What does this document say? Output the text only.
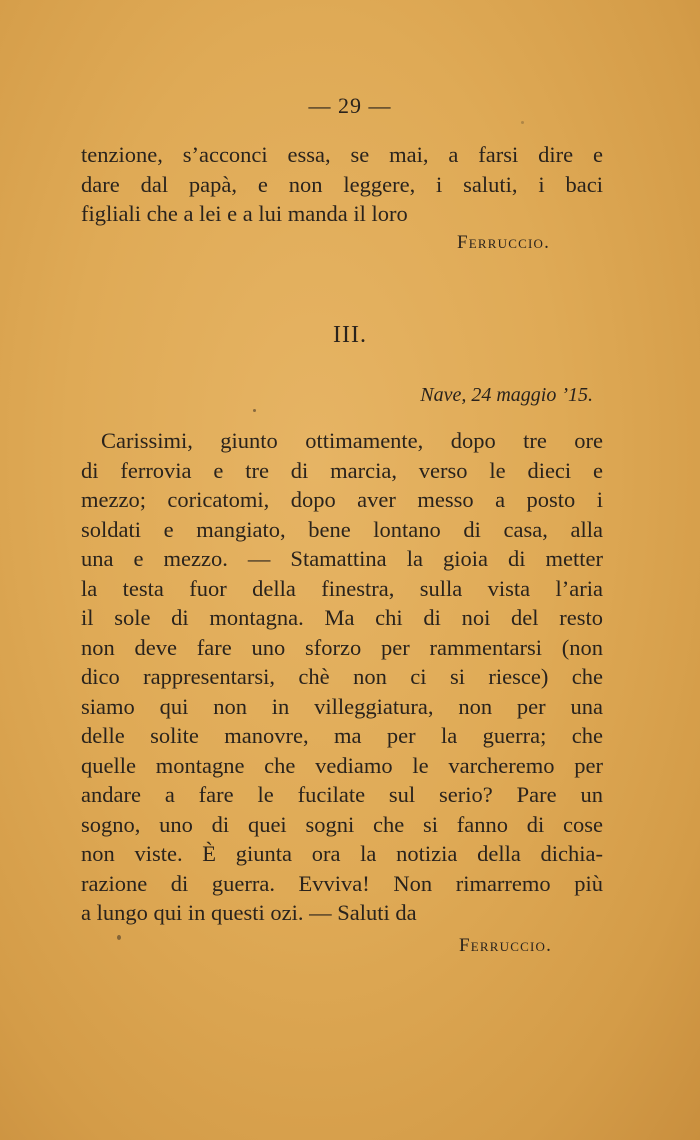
— 29 —
tenzione, s’acconci essa, se mai, a farsi dire e
dare dal papà, e non leggere, i saluti, i baci
figliali che a lei e a lui manda il loro
Ferruccio.
III.
Nave, 24 maggio ’15.
Carissimi, giunto ottimamente, dopo tre ore
di ferrovia e tre di marcia, verso le dieci e
mezzo; coricatomi, dopo aver messo a posto i
soldati e mangiato, bene lontano di casa, alla
una e mezzo. — Stamattina la gioia di metter
la testa fuor della finestra, sulla vista l’aria
il sole di montagna. Ma chi di noi del resto
non deve fare uno sforzo per rammentarsi (non
dico rappresentarsi, chè non ci si riesce) che
siamo qui non in villeggiatura, non per una
delle solite manovre, ma per la guerra; che
quelle montagne che vediamo le varcheremo per
andare a fare le fucilate sul serio? Pare un
sogno, uno di quei sogni che si fanno di cose
non viste. È giunta ora la notizia della dichia-
razione di guerra. Evviva! Non rimarremo più
a lungo qui in questi ozi. — Saluti da
Ferruccio.
